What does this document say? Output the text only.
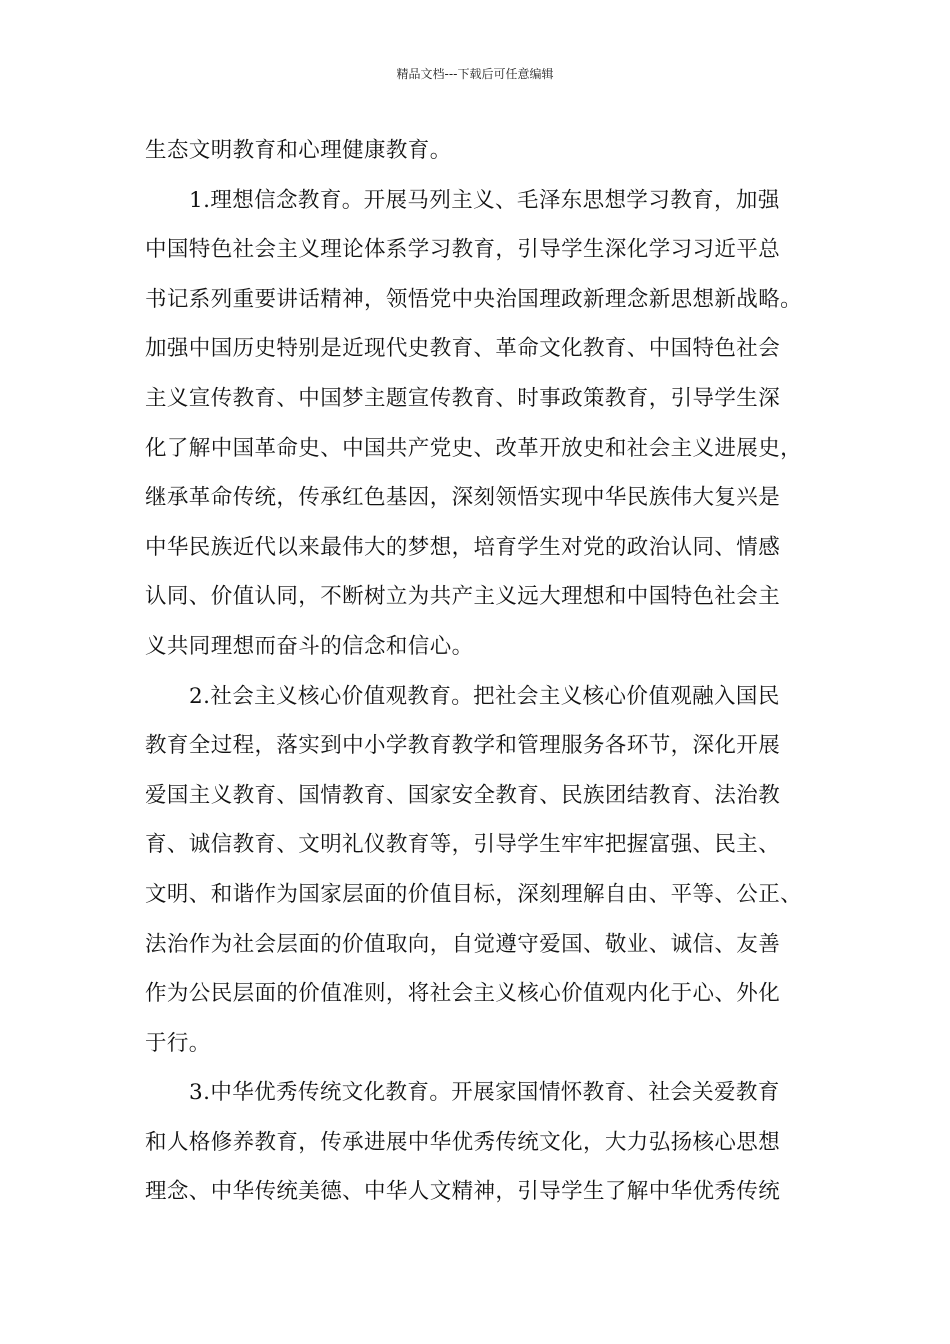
精品文档---下载后可任意编辑
生态文明教育和心理健康教育。
1.理想信念教育。开展马列主义、毛泽东思想学习教育，加强
中国特色社会主义理论体系学习教育，引导学生深化学习习近平总
书记系列重要讲话精神，领悟党中央治国理政新理念新思想新战略。
加强中国历史特别是近现代史教育、革命文化教育、中国特色社会
主义宣传教育、中国梦主题宣传教育、时事政策教育，引导学生深
化了解中国革命史、中国共产党史、改革开放史和社会主义进展史，
继承革命传统，传承红色基因，深刻领悟实现中华民族伟大复兴是
中华民族近代以来最伟大的梦想，培育学生对党的政治认同、情感
认同、价值认同，不断树立为共产主义远大理想和中国特色社会主
义共同理想而奋斗的信念和信心。
2.社会主义核心价值观教育。把社会主义核心价值观融入国民
教育全过程，落实到中小学教育教学和管理服务各环节，深化开展
爱国主义教育、国情教育、国家安全教育、民族团结教育、法治教
育、诚信教育、文明礼仪教育等，引导学生牢牢把握富强、民主、
文明、和谐作为国家层面的价值目标，深刻理解自由、平等、公正、
法治作为社会层面的价值取向，自觉遵守爱国、敬业、诚信、友善
作为公民层面的价值准则，将社会主义核心价值观内化于心、外化
于行。
3.中华优秀传统文化教育。开展家国情怀教育、社会关爱教育
和人格修养教育，传承进展中华优秀传统文化，大力弘扬核心思想
理念、中华传统美德、中华人文精神，引导学生了解中华优秀传统
